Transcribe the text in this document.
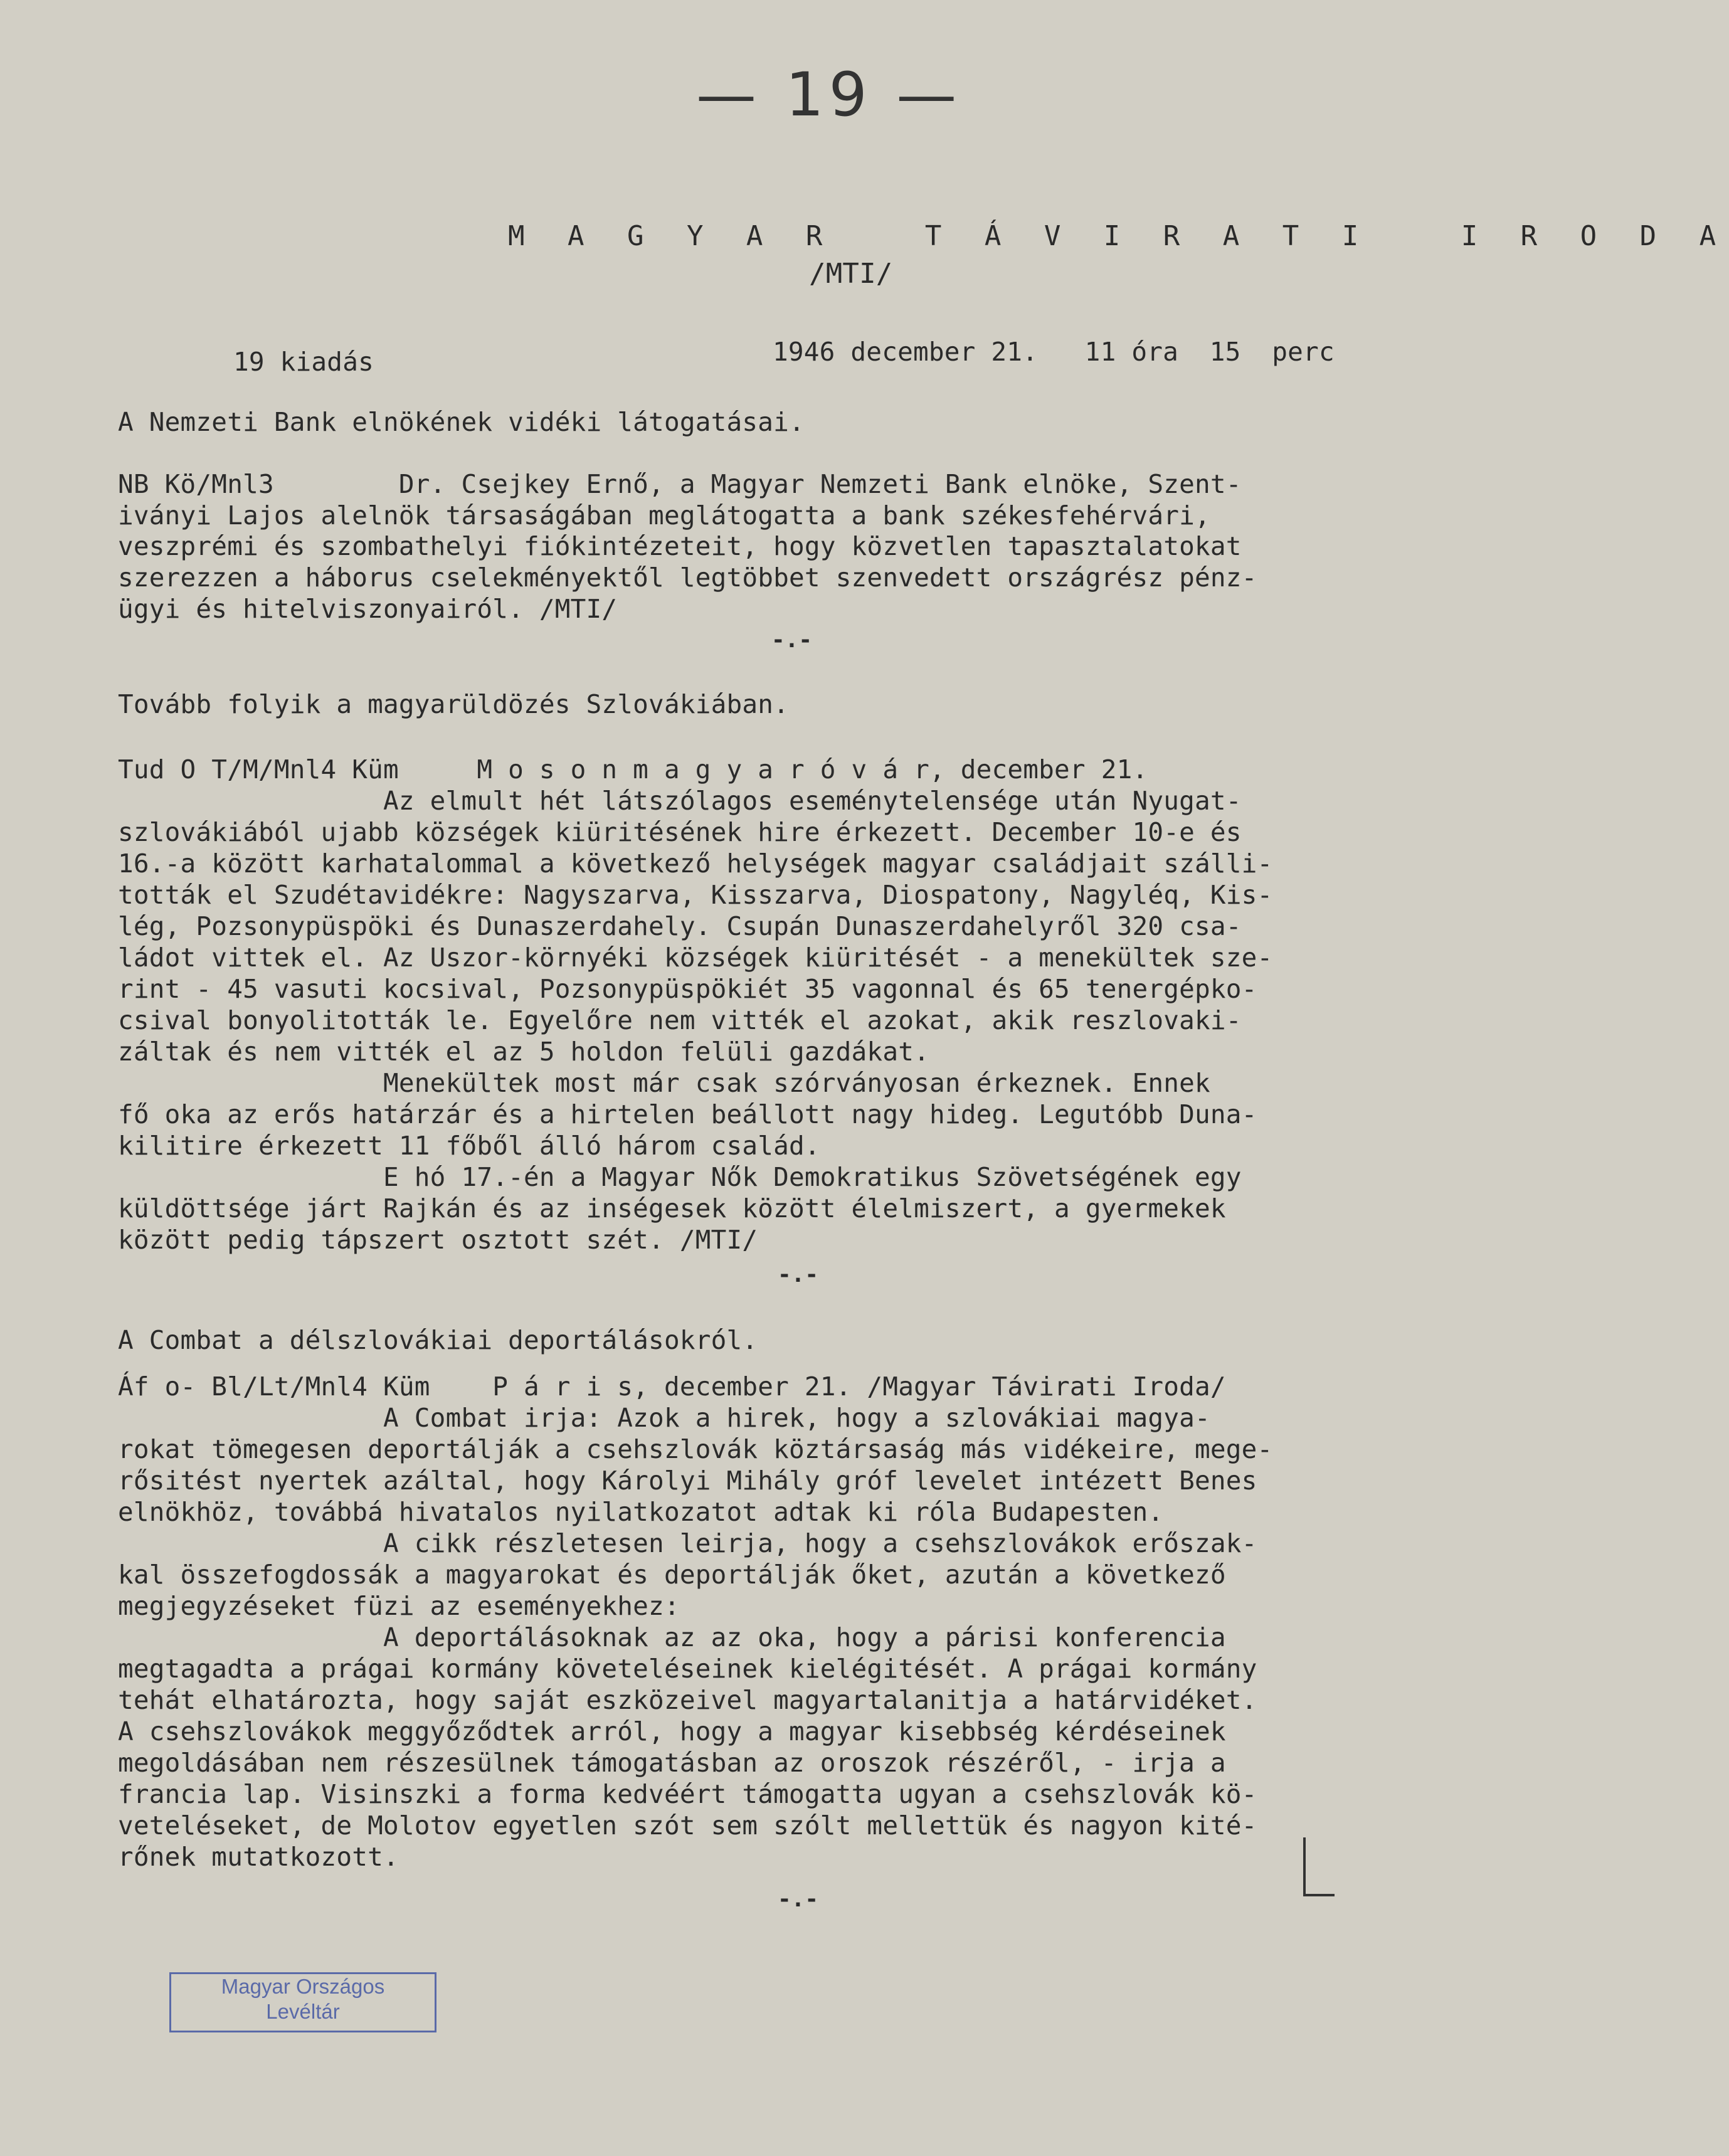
— 19 —
M A G Y A R   T Á V I R A T I   I R O D A
/MTI/
19 kiadás	1946 december 21.   11 óra  15  perc
A Nemzeti Bank elnökének vidéki látogatásai.
NB Kö/Mnl3        Dr. Csejkey Ernő, a Magyar Nemzeti Bank elnöke, Szent-
iványi Lajos alelnök társaságában meglátogatta a bank székesfehérvári,
veszprémi és szombathelyi fiókintézeteit, hogy közvetlen tapasztalatokat
szerezzen a háborus cselekményektől legtöbbet szenvedett országrész pénz-
ügyi és hitelviszonyairól. /MTI/
-.-
Tovább folyik a magyarüldözés Szlovákiában.
Tud O T/M/Mnl4 Küm     M o s o n m a g y a r ó v á r, december 21.
Az elmult hét látszólagos eseménytelensége után Nyugat-
szlovákiából ujabb községek kiüritésének hire érkezett. December 10-e és
16.-a között karhatalommal a következő helységek magyar családjait szálli-
tották el Szudétavidékre: Nagyszarva, Kisszarva, Diospatony, Nagyléq, Kis-
lég, Pozsonypüspöki és Dunaszerdahely. Csupán Dunaszerdahelyről 320 csa-
ládot vittek el. Az Uszor-környéki községek kiüritését - a menekültek sze-
rint - 45 vasuti kocsival, Pozsonypüspökiét 35 vagonnal és 65 tenergépko-
csival bonyolitották le. Egyelőre nem vitték el azokat, akik reszlovaki-
záltak és nem vitték el az 5 holdon felüli gazdákat.
Menekültek most már csak szórványosan érkeznek. Ennek
fő oka az erős határzár és a hirtelen beállott nagy hideg. Legutóbb Duna-
kilitire érkezett 11 főből álló három család.
E hó 17.-én a Magyar Nők Demokratikus Szövetségének egy
küldöttsége járt Rajkán és az inségesek között élelmiszert, a gyermekek
között pedig tápszert osztott szét. /MTI/
-.-
A Combat a délszlovákiai deportálásokról.
Áf o- Bl/Lt/Mnl4 Küm    P á r i s, december 21. /Magyar Távirati Iroda/
A Combat irja: Azok a hirek, hogy a szlovákiai magya-
rokat tömegesen deportálják a csehszlovák köztársaság más vidékeire, mege-
rősitést nyertek azáltal, hogy Károlyi Mihály gróf levelet intézett Benes
elnökhöz, továbbá hivatalos nyilatkozatot adtak ki róla Budapesten.
A cikk részletesen leirja, hogy a csehszlovákok erőszak-
kal összefogdossák a magyarokat és deportálják őket, azután a következő
megjegyzéseket füzi az eseményekhez:
A deportálásoknak az az oka, hogy a párisi konferencia
megtagadta a prágai kormány követeléseinek kielégitését. A prágai kormány
tehát elhatározta, hogy saját eszközeivel magyartalanitja a határvidéket.
A csehszlovákok meggyőződtek arról, hogy a magyar kisebbség kérdéseinek
megoldásában nem részesülnek támogatásban az oroszok részéről, - irja a
francia lap. Visinszki a forma kedvéért támogatta ugyan a csehszlovák kö-
veteléseket, de Molotov egyetlen szót sem szólt mellettük és nagyon kité-
rőnek mutatkozott.
-.-
Magyar Országos
Levéltár
